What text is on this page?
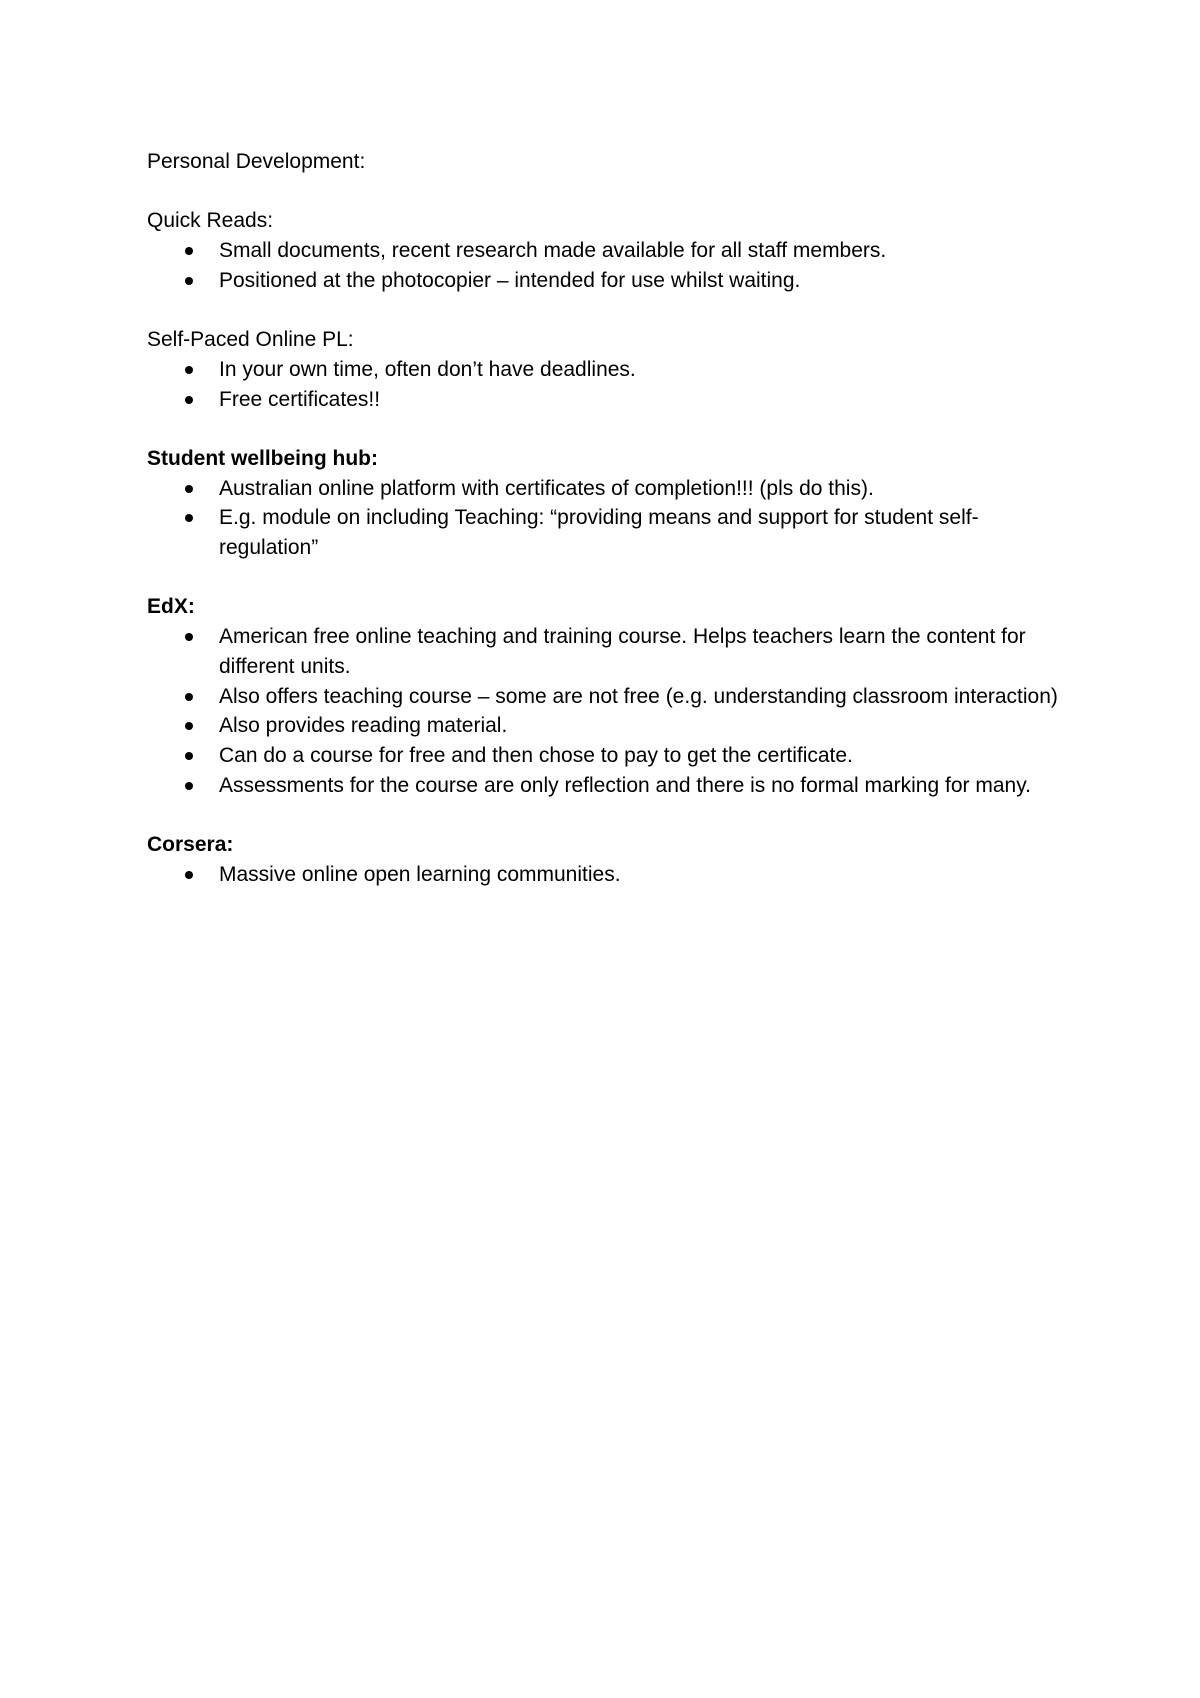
Personal Development:

Quick Reads:

Small documents, recent research made available for all staff members.
Positioned at the photocopier – intended for use whilst waiting.

Self-Paced Online PL:

In your own time, often don’t have deadlines.
Free certificates!!

Student wellbeing hub:

Australian online platform with certificates of completion!!! (pls do this).
E.g. module on including Teaching: “providing means and support for student self-regulation”

EdX:

American free online teaching and training course. Helps teachers learn the content for different units.
Also offers teaching course – some are not free (e.g. understanding classroom interaction)
Also provides reading material.
Can do a course for free and then chose to pay to get the certificate.
Assessments for the course are only reflection and there is no formal marking for many.

Corsera:

Massive online open learning communities.
